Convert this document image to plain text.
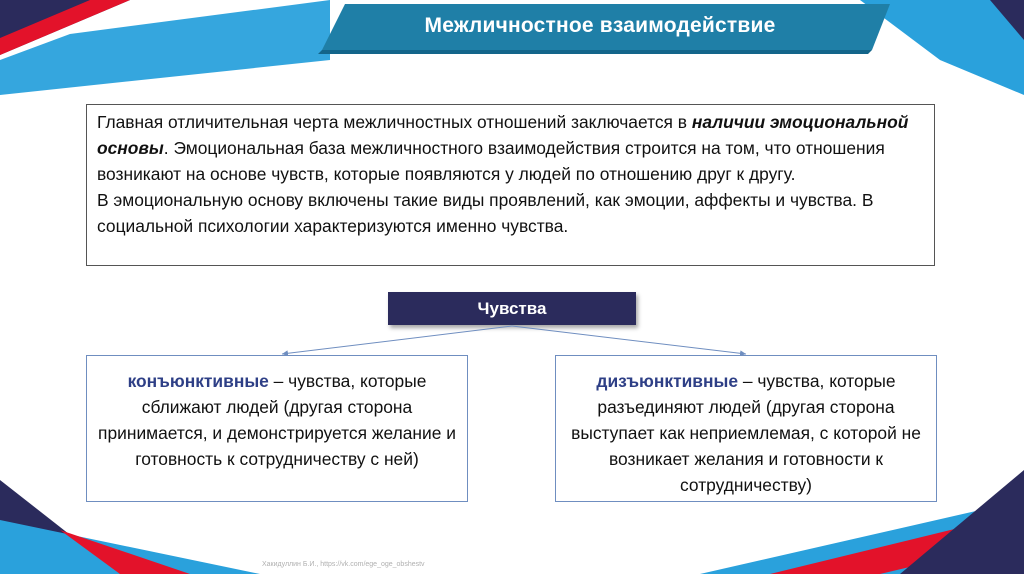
Межличностное взаимодействие

Главная отличительная черта межличностных отношений заключается в наличии эмоциональной основы. Эмоциональная база межличностного взаимодействия строится на том, что отношения возникают на основе чувств, которые появляются у людей по отношению друг к другу.

В эмоциональную основу включены такие виды проявлений, как эмоции, аффекты и чувства. В социальной психологии характеризуются именно чувства.

Чувства
конъюнктивные – чувства, которые сближают людей (другая сторона принимается, и демонстрируется желание и готовность к сотрудничеству с ней)
дизъюнктивные – чувства, которые разъединяют людей (другая сторона выступает как неприемлемая, с которой не возникает желания и готовности к сотрудничеству)
Хакидуллин Б.И., https://vk.com/ege_oge_obshestv
